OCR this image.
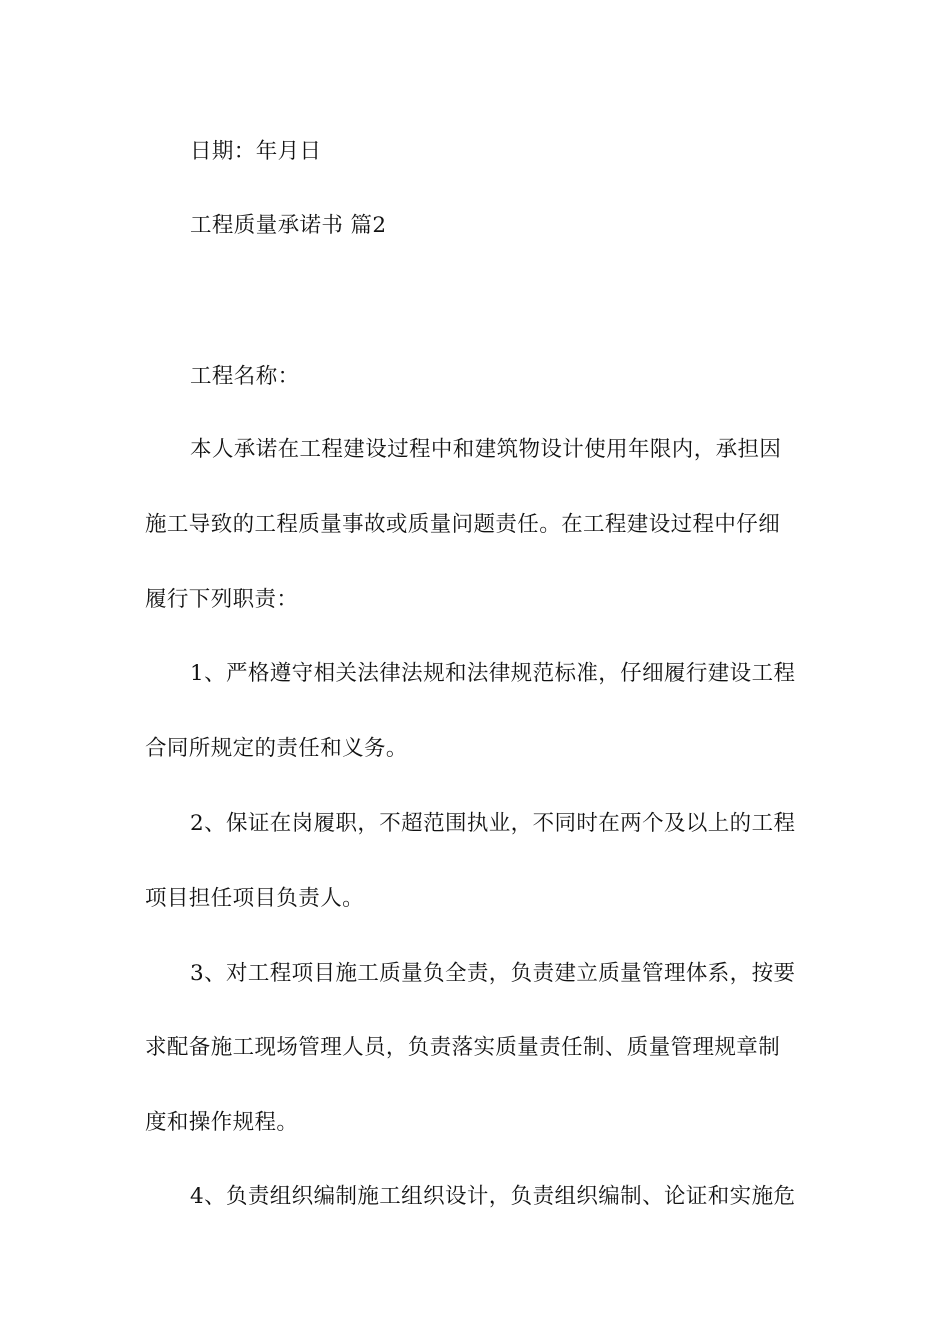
日期：年月日
工程质量承诺书 篇2
工程名称：
本人承诺在工程建设过程中和建筑物设计使用年限内，承担因
施工导致的工程质量事故或质量问题责任。在工程建设过程中仔细
履行下列职责：
1、严格遵守相关法律法规和法律规范标准，仔细履行建设工程
合同所规定的责任和义务。
2、保证在岗履职，不超范围执业，不同时在两个及以上的工程
项目担任项目负责人。
3、对工程项目施工质量负全责，负责建立质量管理体系，按要
求配备施工现场管理人员，负责落实质量责任制、质量管理规章制
度和操作规程。
4、负责组织编制施工组织设计，负责组织编制、论证和实施危
